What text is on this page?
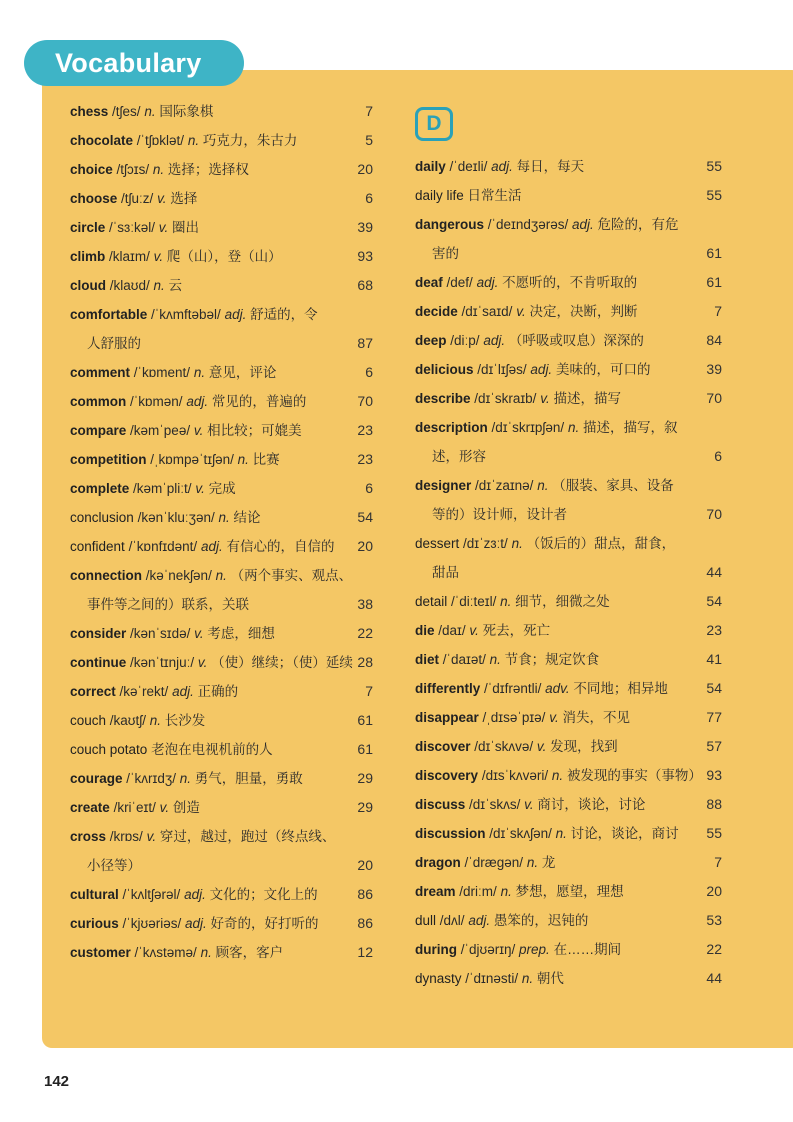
Vocabulary
chess /tʃes/ n. 国际象棋	7
chocolate /ˈtʃɒklət/ n. 巧克力，朱古力	5
choice /tʃɔɪs/ n. 选择；选择权	20
choose /tʃuːz/ v. 选择	6
circle /ˈsɜːkəl/ v. 圈出	39
climb /klaɪm/ v. 爬（山），登（山）	93
cloud /klaʊd/ n. 云	68
comfortable /ˈkʌmftəbəl/ adj. 舒适的，令
人舒服的	87
comment /ˈkɒment/ n. 意见，评论	6
common /ˈkɒmən/ adj. 常见的，普遍的	70
compare /kəmˈpeə/ v. 相比较；可媲美	23
competition /ˌkɒmpəˈtɪʃən/ n. 比赛	23
complete /kəmˈpliːt/ v. 完成	6
conclusion /kənˈkluːʒən/ n. 结论	54
confident /ˈkɒnfɪdənt/ adj. 有信心的，自信的 20
connection /kəˈnekʃən/ n. （两个事实、观点、
事件等之间的）联系，关联	38
consider /kənˈsɪdə/ v. 考虑，细想	22
continue /kənˈtɪnjuː/ v. （使）继续；（使）延续 28
correct /kəˈrekt/ adj. 正确的	7
couch /kaʊtʃ/ n. 长沙发	61
couch potato 老泡在电视机前的人	61
courage /ˈkʌrɪdʒ/ n. 勇气，胆量，勇敢	29
create /kriˈeɪt/ v. 创造	29
cross /krɒs/ v. 穿过，越过，跑过（终点线、
小径等）	20
cultural /ˈkʌltʃərəl/ adj. 文化的；文化上的	86
curious /ˈkjʊəriəs/ adj. 好奇的，好打听的	86
customer /ˈkʌstəmə/ n. 顾客，客户	12
D
daily /ˈdeɪli/ adj. 每日，每天	55
daily life 日常生活	55
dangerous /ˈdeɪndʒərəs/ adj. 危险的，有危
害的	61
deaf /def/ adj. 不愿听的，不肯听取的	61
decide /dɪˈsaɪd/ v. 决定，决断，判断	7
deep /diːp/ adj. （呼吸或叹息）深深的	84
delicious /dɪˈlɪʃəs/ adj. 美味的，可口的	39
describe /dɪˈskraɪb/ v. 描述，描写	70
description /dɪˈskrɪpʃən/ n. 描述，描写，叙
述，形容	6
designer /dɪˈzaɪnə/ n. （服装、家具、设备
等的）设计师，设计者	70
dessert /dɪˈzɜːt/ n. （饭后的）甜点，甜食，
甜品	44
detail /ˈdiːteɪl/ n. 细节，细微之处	54
die /daɪ/ v. 死去，死亡	23
diet /ˈdaɪət/ n. 节食；规定饮食	41
differently /ˈdɪfrəntli/ adv. 不同地；相异地	54
disappear /ˌdɪsəˈpɪə/ v. 消失，不见	77
discover /dɪˈskʌvə/ v. 发现，找到	57
discovery /dɪsˈkʌvəri/ n. 被发现的事实（事物） 93
discuss /dɪˈskʌs/ v. 商讨，谈论，讨论	88
discussion /dɪˈskʌʃən/ n. 讨论，谈论，商讨 55
dragon /ˈdræɡən/ n. 龙	7
dream /driːm/ n. 梦想，愿望，理想	20
dull /dʌl/ adj. 愚笨的，迟钝的	53
during /ˈdjʊərɪŋ/ prep. 在……期间	22
dynasty /ˈdɪnəsti/ n. 朝代	44
142
